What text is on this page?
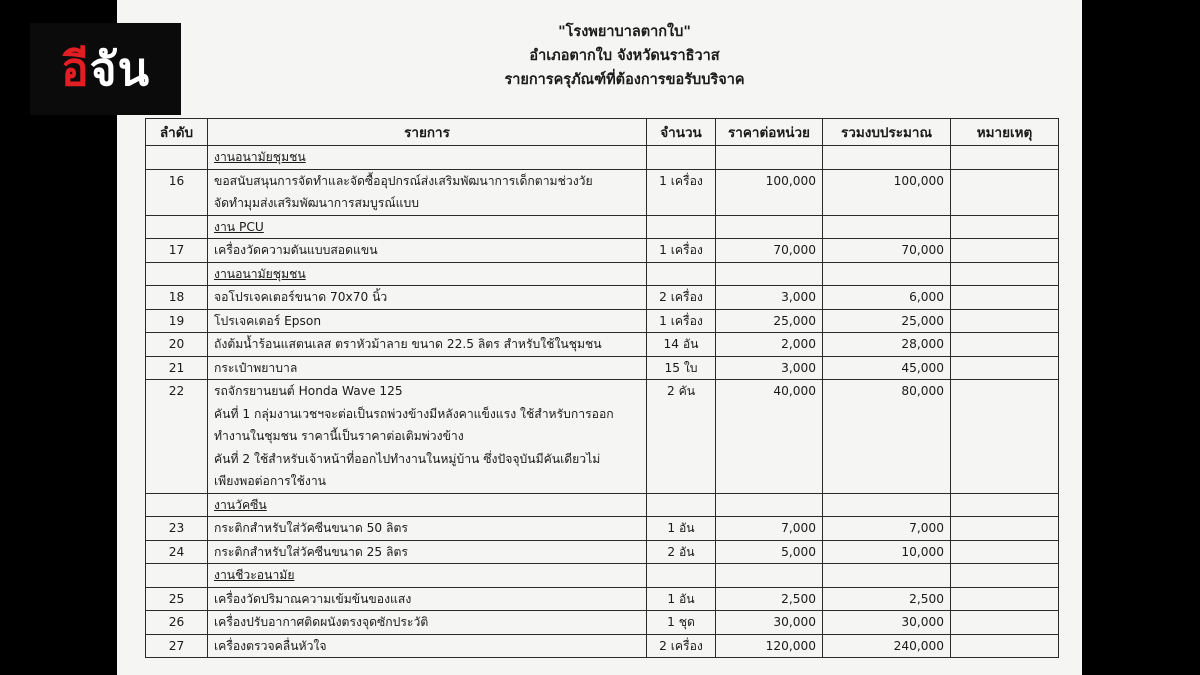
อีจัน
"โรงพยาบาลตากใบ"
อำเภอตากใบ จังหวัดนราธิวาส
รายการครุภัณฑ์ที่ต้องการขอรับบริจาค
ลำดับ	รายการ	จำนวน	ราคาต่อหน่วย	รวมงบประมาณ	หมายเหตุ

	งานอนามัยชุมชน				

16	ขอสนับสนุนการจัดทำและจัดซื้ออุปกรณ์ส่งเสริมพัฒนาการเด็กตามช่วงวัย
จัดทำมุมส่งเสริมพัฒนาการสมบูรณ์แบบ	1 เครื่อง	100,000	100,000	

	งาน PCU				

17	เครื่องวัดความดันแบบสอดแขน	1 เครื่อง	70,000	70,000	

	งานอนามัยชุมชน				

18	จอโปรเจคเตอร์ขนาด 70x70 นิ้ว	2 เครื่อง	3,000	6,000	
19	โปรเจคเตอร์ Epson	1 เครื่อง	25,000	25,000	
20	ถังต้มน้ำร้อนแสตนเลส ตราหัวม้าลาย ขนาด 22.5 ลิตร สำหรับใช้ในชุมชน	14 อัน	2,000	28,000	
21	กระเป๋าพยาบาล	15 ใบ	3,000	45,000	
22	รถจักรยานยนต์ Honda Wave 125
คันที่ 1 กลุ่มงานเวชฯจะต่อเป็นรถพ่วงข้างมีหลังคาแข็งแรง ใช้สำหรับการออก
ทำงานในชุมชน ราคานี้เป็นราคาต่อเติมพ่วงข้าง
คันที่ 2 ใช้สำหรับเจ้าหน้าที่ออกไปทำงานในหมู่บ้าน ซึ่งปัจจุบันมีคันเดียวไม่
เพียงพอต่อการใช้งาน	2 คัน	40,000	80,000	

	งานวัคซีน				

23	กระติกสำหรับใส่วัคซีนขนาด 50 ลิตร	1 อัน	7,000	7,000	
24	กระติกสำหรับใส่วัคซีนขนาด 25 ลิตร	2 อัน	5,000	10,000	

	งานชีวะอนามัย				

25	เครื่องวัดปริมาณความเข้มข้นของแสง	1 อัน	2,500	2,500	
26	เครื่องปรับอากาศติดผนังตรงจุดซักประวัติ	1 ชุด	30,000	30,000	
27	เครื่องตรวจคลื่นหัวใจ	2 เครื่อง	120,000	240,000	
